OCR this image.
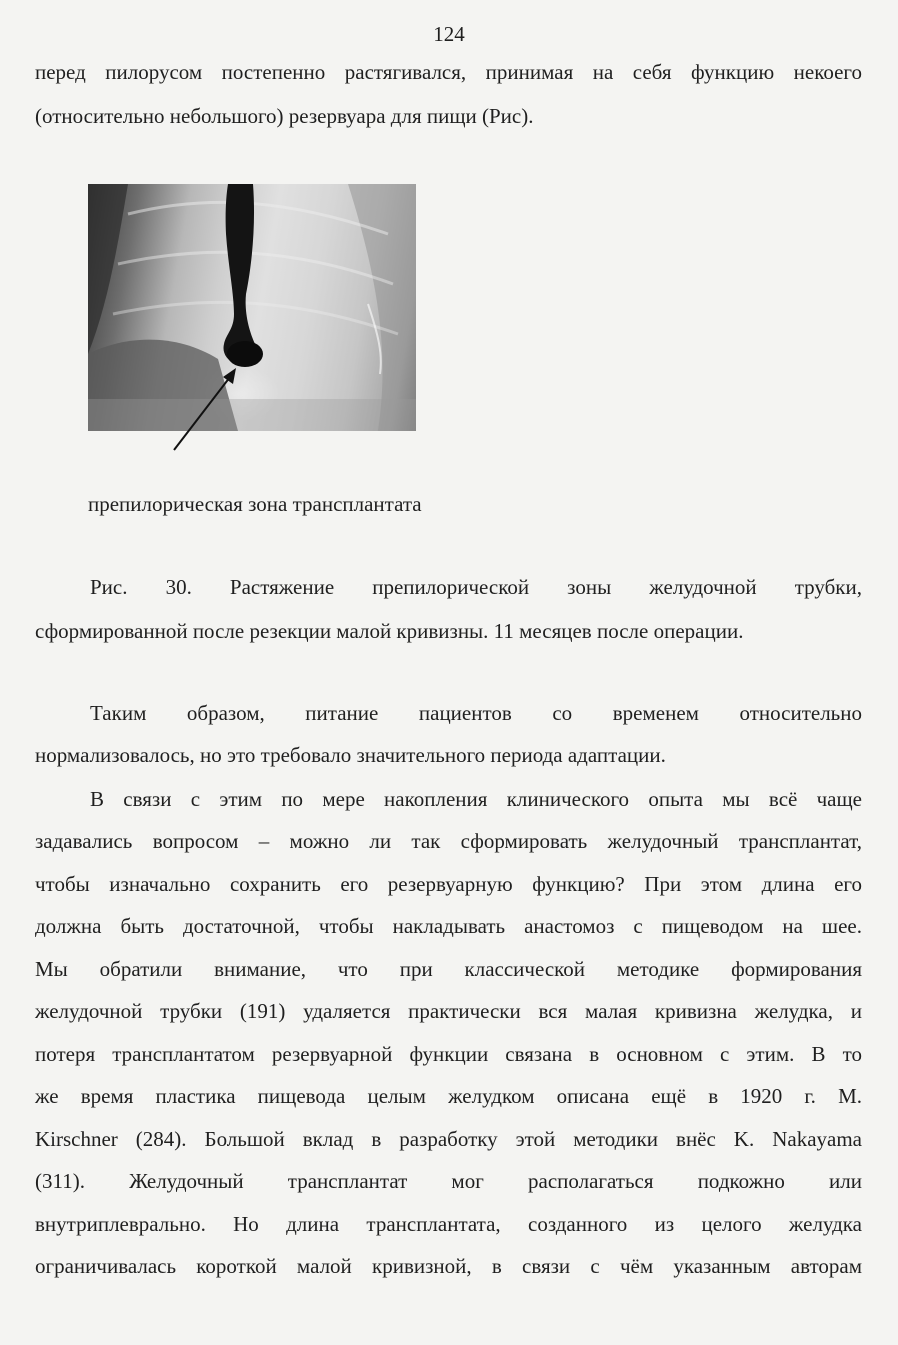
124
перед пилорусом постепенно растягивался, принимая на себя функцию некоего
(относительно небольшого) резервуара для пищи (Рис).
препилорическая зона трансплантата
Рис. 30. Растяжение препилорической зоны желудочной трубки,
сформированной после резекции малой кривизны. 11 месяцев после операции.
Таким образом, питание пациентов со временем относительно
нормализовалось, но это требовало значительного периода адаптации.
В связи с этим по мере накопления клинического опыта мы всё чаще
задавались вопросом – можно ли так сформировать желудочный трансплантат,
чтобы изначально сохранить его резервуарную функцию? При этом длина его
должна быть достаточной, чтобы накладывать анастомоз с пищеводом на шее.
Мы обратили внимание, что при классической методике формирования
желудочной трубки (191) удаляется практически вся малая кривизна желудка, и
потеря трансплантатом резервуарной функции связана в основном с этим. В то
же время пластика пищевода целым желудком описана ещё в 1920 г. M.
Kirschner (284). Большой вклад в разработку этой методики внёс K. Nakayama
(311). Желудочный трансплантат мог располагаться подкожно или
внутриплеврально. Но длина трансплантата, созданного из целого желудка
ограничивалась короткой малой кривизной, в связи с чём указанным авторам
